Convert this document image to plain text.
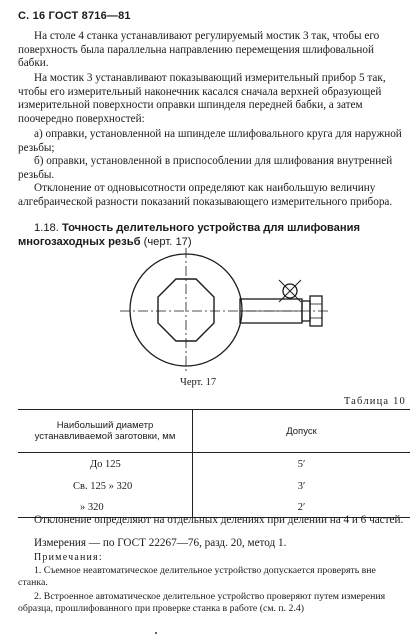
С. 16 ГОСТ 8716—81

На столе 4 станка устанавливают регулируемый мостик 3 так, чтобы его поверхность была параллельна направлению перемещения шлифовальной бабки.

На мостик 3 устанавливают показывающий измерительный прибор 5 так, чтобы его измерительный наконечник касался сначала верхней образующей измерительной поверхности оправки шпинделя передней бабки, а затем поочередно поверхностей:

а) оправки, установленной на шпинделе шлифовального круга для наружной резьбы;

б) оправки, установленной в приспособлении для шлифования внутренней резьбы.

Отклонение от одновысотности определяют как наибольшую величину алгебраической разности показаний показывающего измерительного прибора.

1.18. Точность делительного устройства для шлифования многозаходных резьб (черт. 17)
Черт. 17
Таблица 10
Наибольший диаметр устанавливаемой заготовки, мм	Допуск
До 125	5′
Св. 125 » 320	3′
» 320	2′

Отклонение определяют на отдельных делениях при делении на 4 и 6 частей.

Измерения — по ГОСТ 22267—76, разд. 20, метод 1.

Примечания:

1. Съемное неавтоматическое делительное устройство допускается проверять вне станка.

2. Встроенное автоматическое делительное устройство проверяют путем измерения образца, прошлифованного при проверке станка в работе (см. п. 2.4)
